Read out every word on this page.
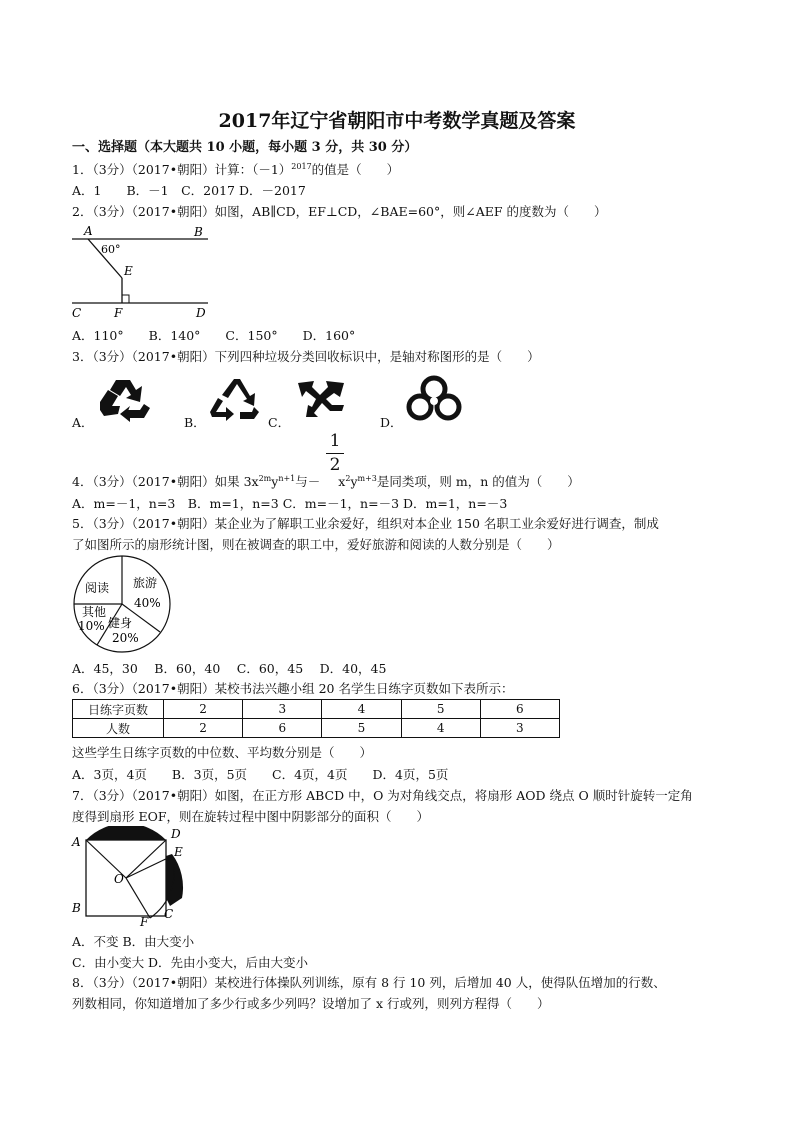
2017年辽宁省朝阳市中考数学真题及答案
一、选择题（本大题共 10 小题，每小题 3 分，共 30 分）
1．（3分）（2017•朝阳）计算：$(-1)^{2017}$的值是（　　）
A．1　　B．－1　C．2017 D．－2017
2．（3分）（2017•朝阳）如图，AB∥CD，EF⊥CD，∠BAE=60°，则∠AEF 的度数为（　　）
A	B
60°
E
C	F	D
A．110°　　B．140°　　C．150°　　D．160°
3．（3分）（2017•朝阳）下列四种垃圾分类回收标识中，是轴对称图形的是（　　）
A．	B．	C．	D．
1
2
4．（3分）（2017•朝阳）如果 $3x^{2m}y^{n+1}$与－ $x^2y^{m+3}$是同类项，则 m，n 的值为（　　）
A．m=－1，n=3　B．m=1，n=3 C．m=－1，n=－3 D．m=1，n=－3
5．（3分）（2017•朝阳）某企业为了解职工业余爱好，组织对本企业 150 名职工业余爱好进行调查，制成
了如图所示的扇形统计图，则在被调查的职工中，爱好旅游和阅读的人数分别是（　　）
阅读 旅游
40%
其他
10% 健身
20%
A．45，30　 B．60，40　 C．60，45　 D．40，45
6．（3分）（2017•朝阳）某校书法兴趣小组 20 名学生日练字页数如下表所示：
日练字页数	2	3	4	5	6
人数	2	6	5	4	3
这些学生日练字页数的中位数、平均数分别是（　　）
A．3页，4页　　B．3页，5页　　C．4页，4页　　D．4页，5页
7．（3分）（2017•朝阳）如图，在正方形 ABCD 中，O 为对角线交点，将扇形 AOD 绕点 O 顺时针旋转一定角
度得到扇形 EOF，则在旋转过程中图中阴影部分的面积（　　）
A
D
E
O
B
F
C
A．不变 B．由大变小
C．由小变大 D．先由小变大，后由大变小
8．（3分）（2017•朝阳）某校进行体操队列训练，原有 8 行 10 列，后增加 40 人，使得队伍增加的行数、
列数相同，你知道增加了多少行或多少列吗？设增加了 x 行或列，则列方程得（　　）
